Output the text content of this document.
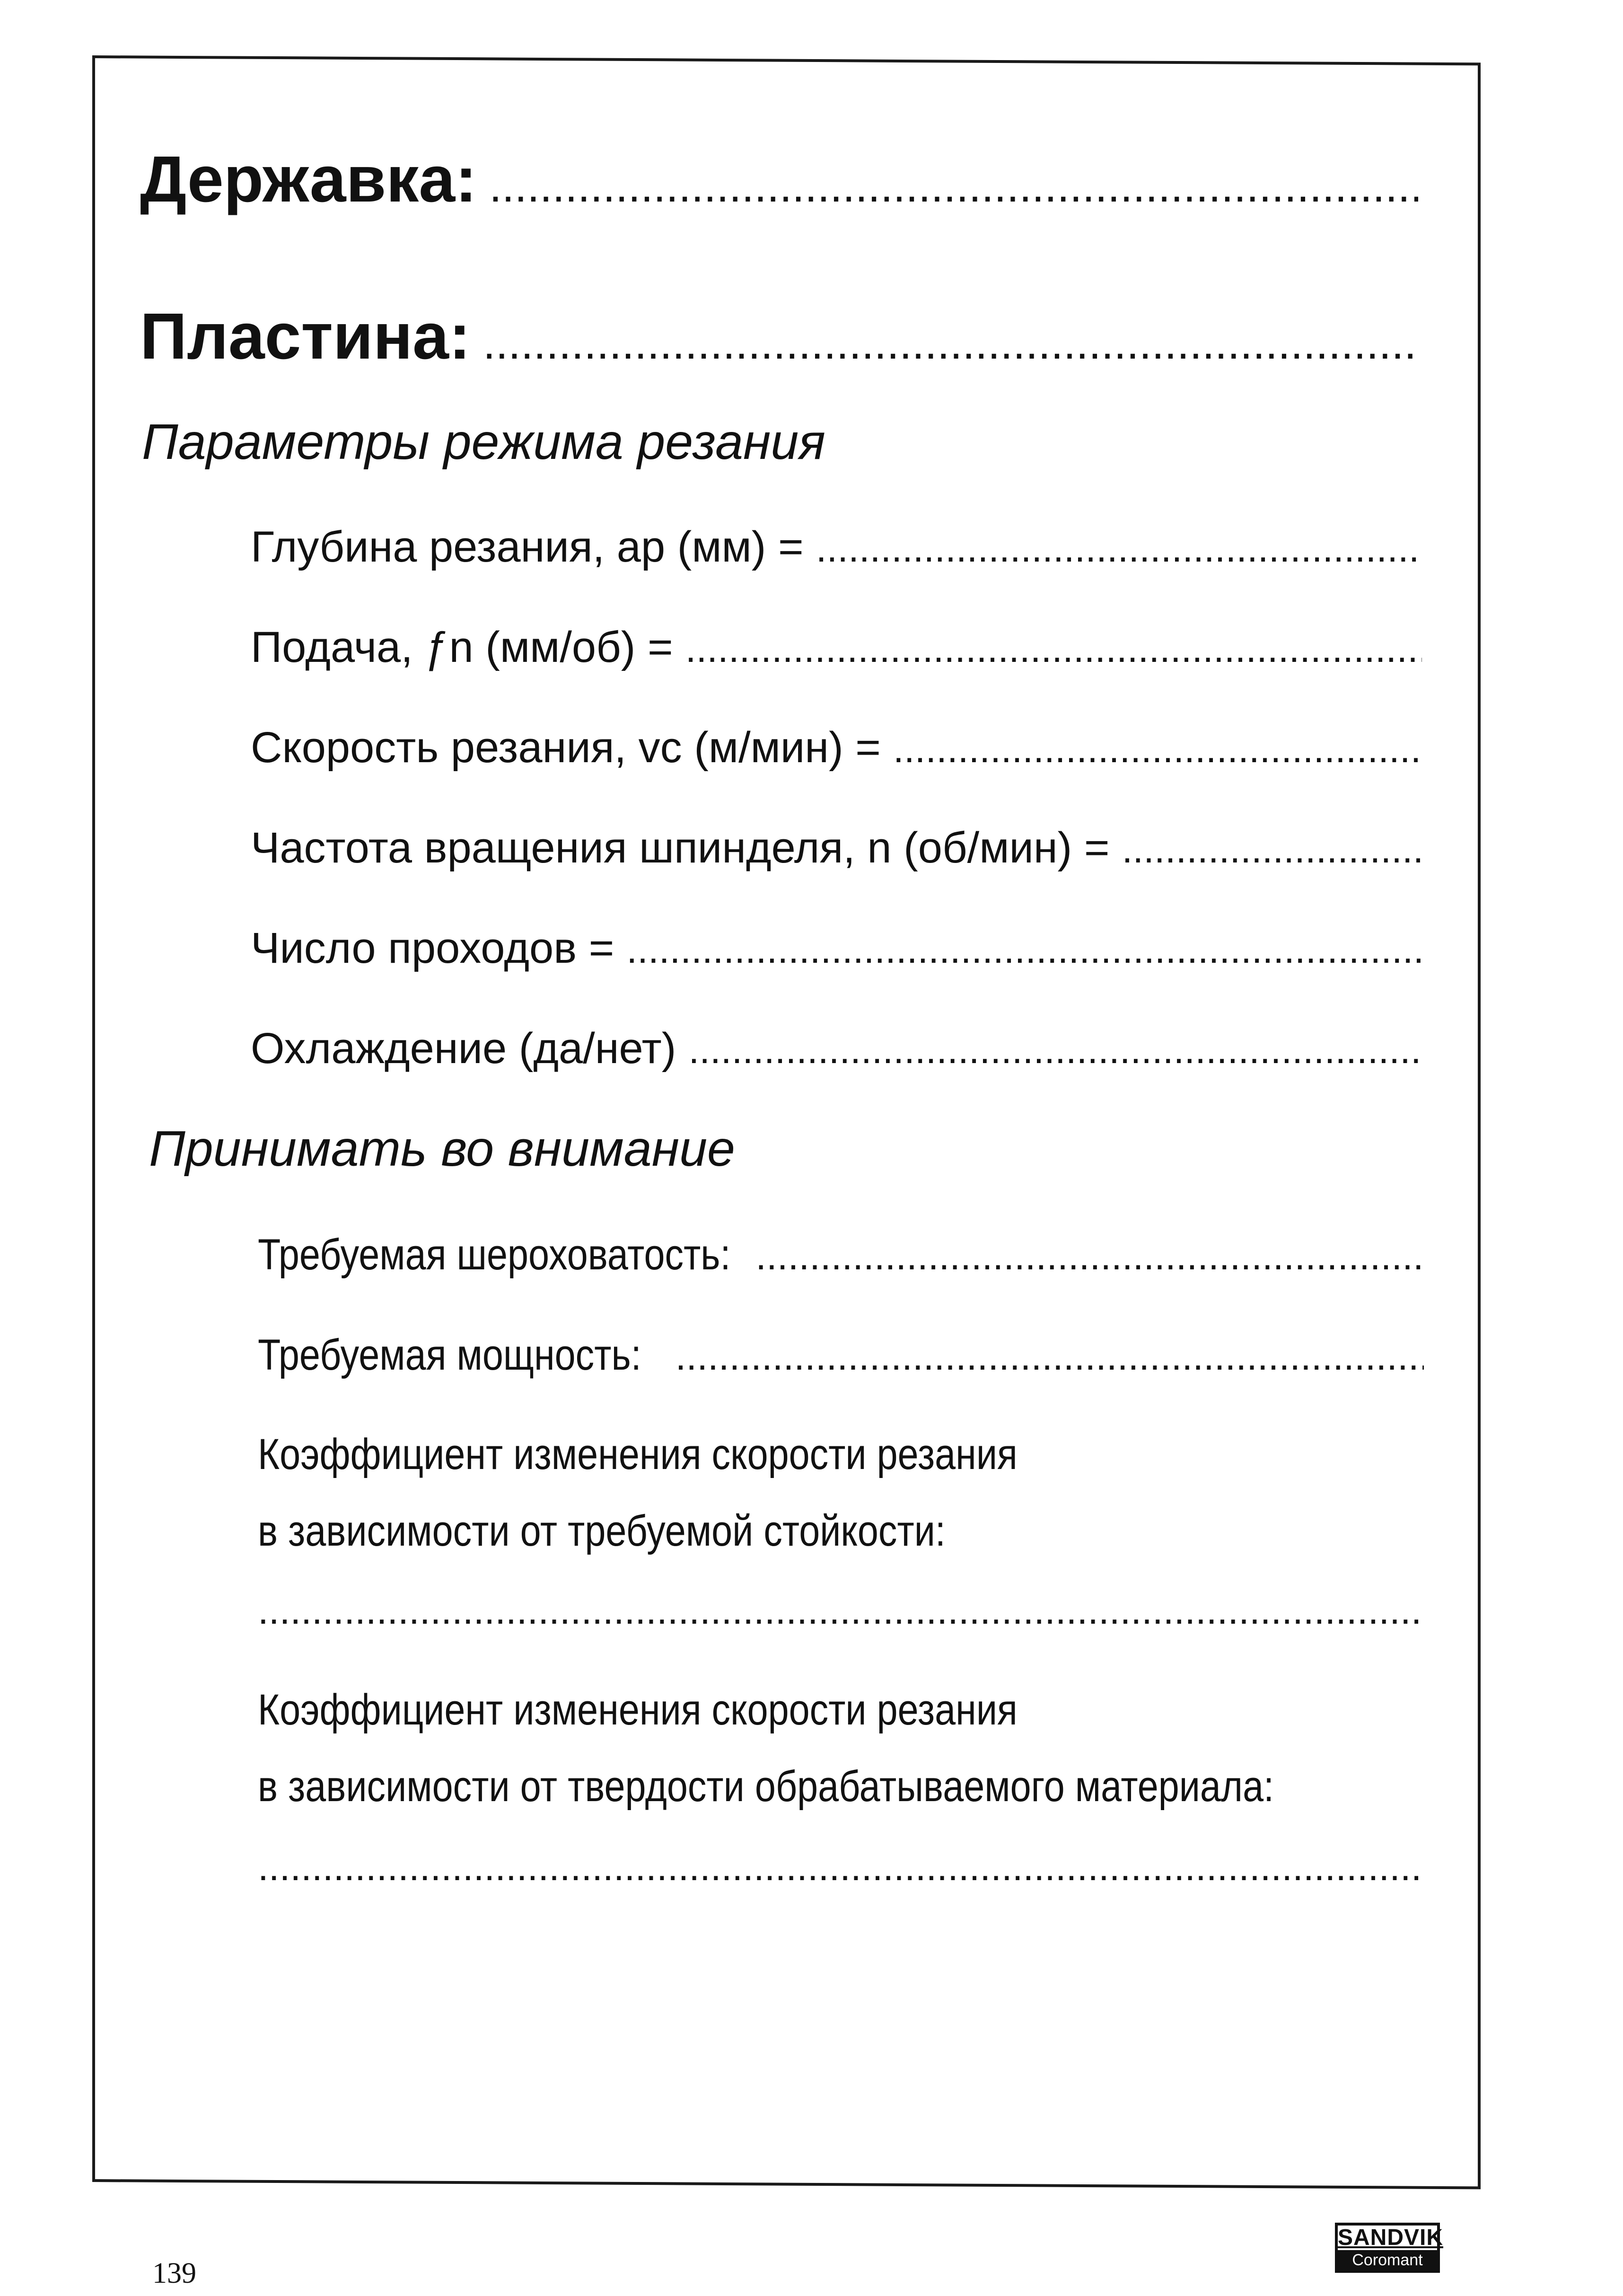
Державка:
.....
Пластина:
.....
Параметры режима резания
Глубина резания, ap (мм) =
.....
Подача, ƒn (мм/об) =
.....
Скорость резания, vc (м/мин) =
.....
Частота вращения шпинделя, n (об/мин) =
.....
Число проходов =
.....
Охлаждение (да/нет)
.....
Принимать во внимание
Требуемая шероховатость:
.....
Требуемая мощность:
.....
Коэффициент изменения скорости резания
в зависимости от требуемой стойкости:
.....
Коэффициент изменения скорости резания
в зависимости от твердости обрабатываемого материала:
.....
139
SANDVIK
Coromant
